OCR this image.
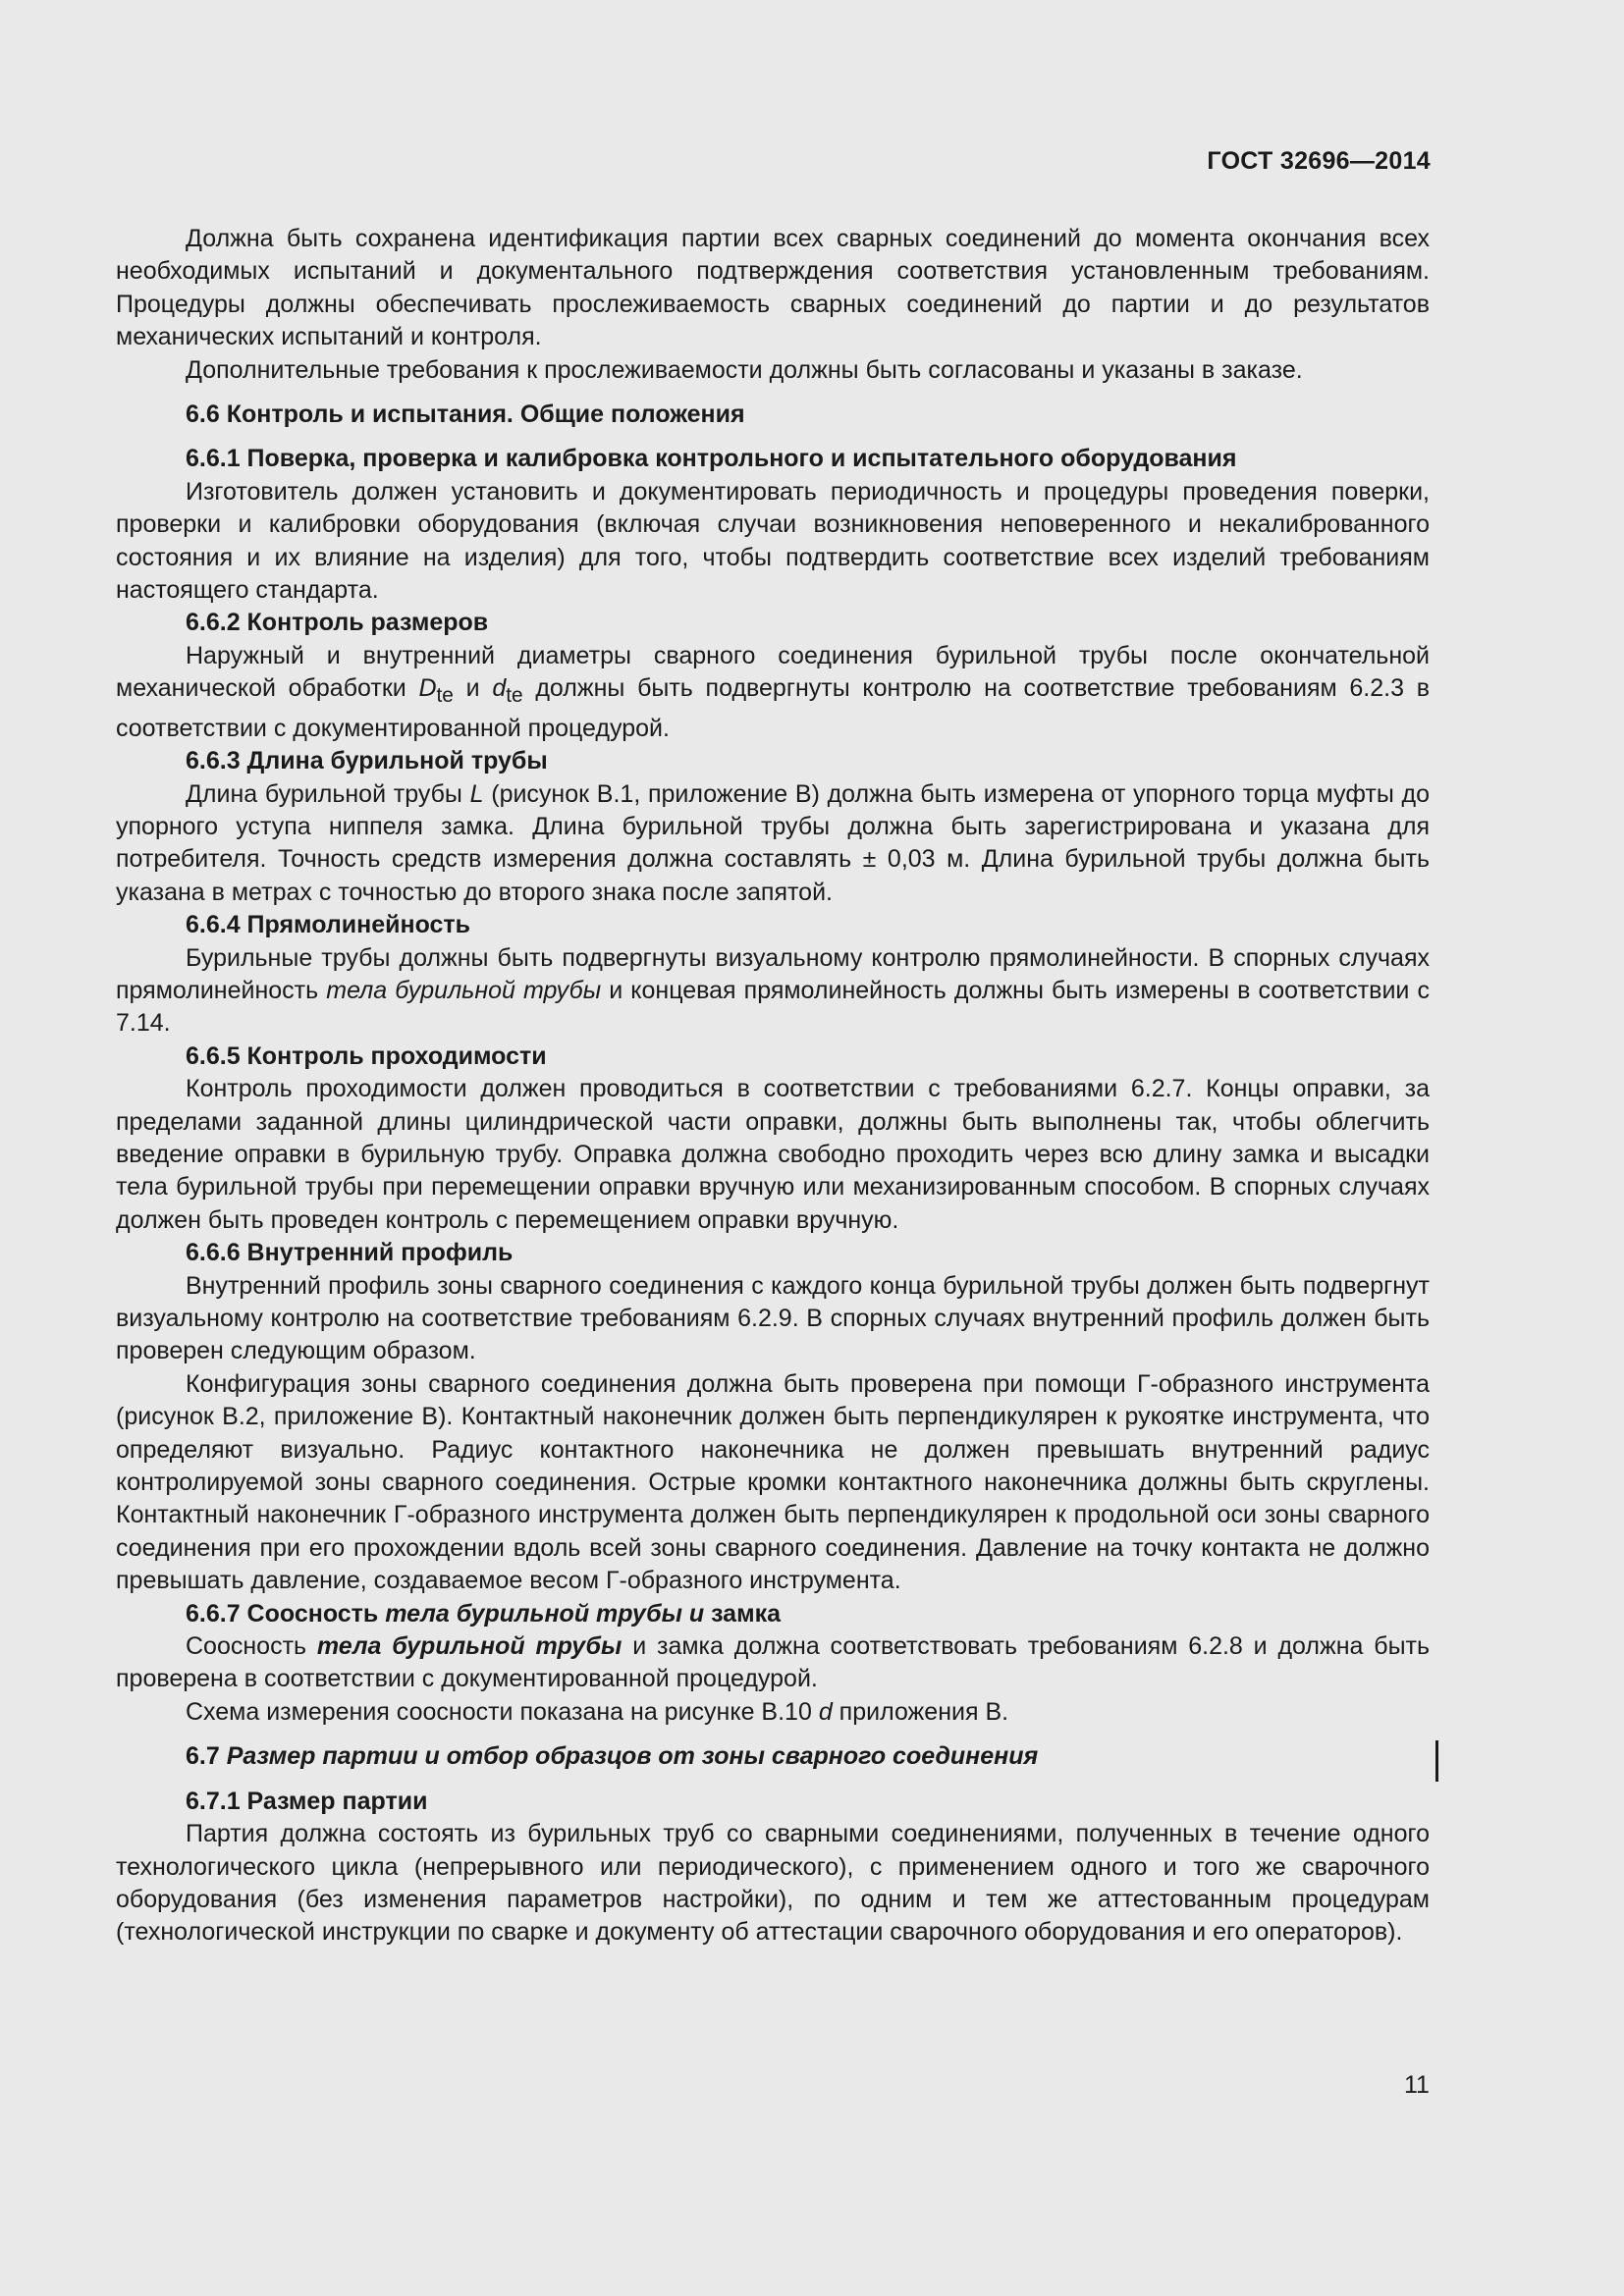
ГОСТ 32696—2014

Должна быть сохранена идентификация партии всех сварных соединений до момента окончания всех необходимых испытаний и документального подтверждения соответствия установленным требованиям. Процедуры должны обеспечивать прослеживаемость сварных соединений до партии и до результатов механических испытаний и контроля.

Дополнительные требования к прослеживаемости должны быть согласованы и указаны в заказе.

6.6 Контроль и испытания. Общие положения
6.6.1 Поверка, проверка и калибровка контрольного и испытательного оборудования

Изготовитель должен установить и документировать периодичность и процедуры проведения поверки, проверки и калибровки оборудования (включая случаи возникновения неповеренного и некалиброванного состояния и их влияние на изделия) для того, чтобы подтвердить соответствие всех изделий требованиям настоящего стандарта.

6.6.2 Контроль размеров

Наружный и внутренний диаметры сварного соединения бурильной трубы после окончательной механической обработки $D_{te}$ и $d_{te}$ должны быть подвергнуты контролю на соответствие требованиям 6.2.3 в соответствии с документированной процедурой.

6.6.3 Длина бурильной трубы

Длина бурильной трубы L (рисунок В.1, приложение В) должна быть измерена от упорного торца муфты до упорного уступа ниппеля замка. Длина бурильной трубы должна быть зарегистрирована и указана для потребителя. Точность средств измерения должна составлять ± 0,03 м. Длина бурильной трубы должна быть указана в метрах с точностью до второго знака после запятой.

6.6.4 Прямолинейность

Бурильные трубы должны быть подвергнуты визуальному контролю прямолинейности. В спорных случаях прямолинейность тела бурильной трубы и концевая прямолинейность должны быть измерены в соответствии с 7.14.

6.6.5 Контроль проходимости

Контроль проходимости должен проводиться в соответствии с требованиями 6.2.7. Концы оправки, за пределами заданной длины цилиндрической части оправки, должны быть выполнены так, чтобы облегчить введение оправки в бурильную трубу. Оправка должна свободно проходить через всю длину замка и высадки тела бурильной трубы при перемещении оправки вручную или механизированным способом. В спорных случаях должен быть проведен контроль с перемещением оправки вручную.

6.6.6 Внутренний профиль

Внутренний профиль зоны сварного соединения с каждого конца бурильной трубы должен быть подвергнут визуальному контролю на соответствие требованиям 6.2.9. В спорных случаях внутренний профиль должен быть проверен следующим образом.

Конфигурация зоны сварного соединения должна быть проверена при помощи Г-образного инструмента (рисунок В.2, приложение В). Контактный наконечник должен быть перпендикулярен к рукоятке инструмента, что определяют визуально. Радиус контактного наконечника не должен превышать внутренний радиус контролируемой зоны сварного соединения. Острые кромки контактного наконечника должны быть скруглены. Контактный наконечник Г-образного инструмента должен быть перпендикулярен к продольной оси зоны сварного соединения при его прохождении вдоль всей зоны сварного соединения. Давление на точку контакта не должно превышать давление, создаваемое весом Г-образного инструмента.

6.6.7 Соосность тела бурильной трубы и замка

Соосность тела бурильной трубы и замка должна соответствовать требованиям 6.2.8 и должна быть проверена в соответствии с документированной процедурой.

Схема измерения соосности показана на рисунке В.10 d приложения В.

6.7 Размер партии и отбор образцов от зоны сварного соединения
6.7.1 Размер партии

Партия должна состоять из бурильных труб со сварными соединениями, полученных в течение одного технологического цикла (непрерывного или периодического), с применением одного и того же сварочного оборудования (без изменения параметров настройки), по одним и тем же аттестованным процедурам (технологической инструкции по сварке и документу об аттестации сварочного оборудования и его операторов).

11
